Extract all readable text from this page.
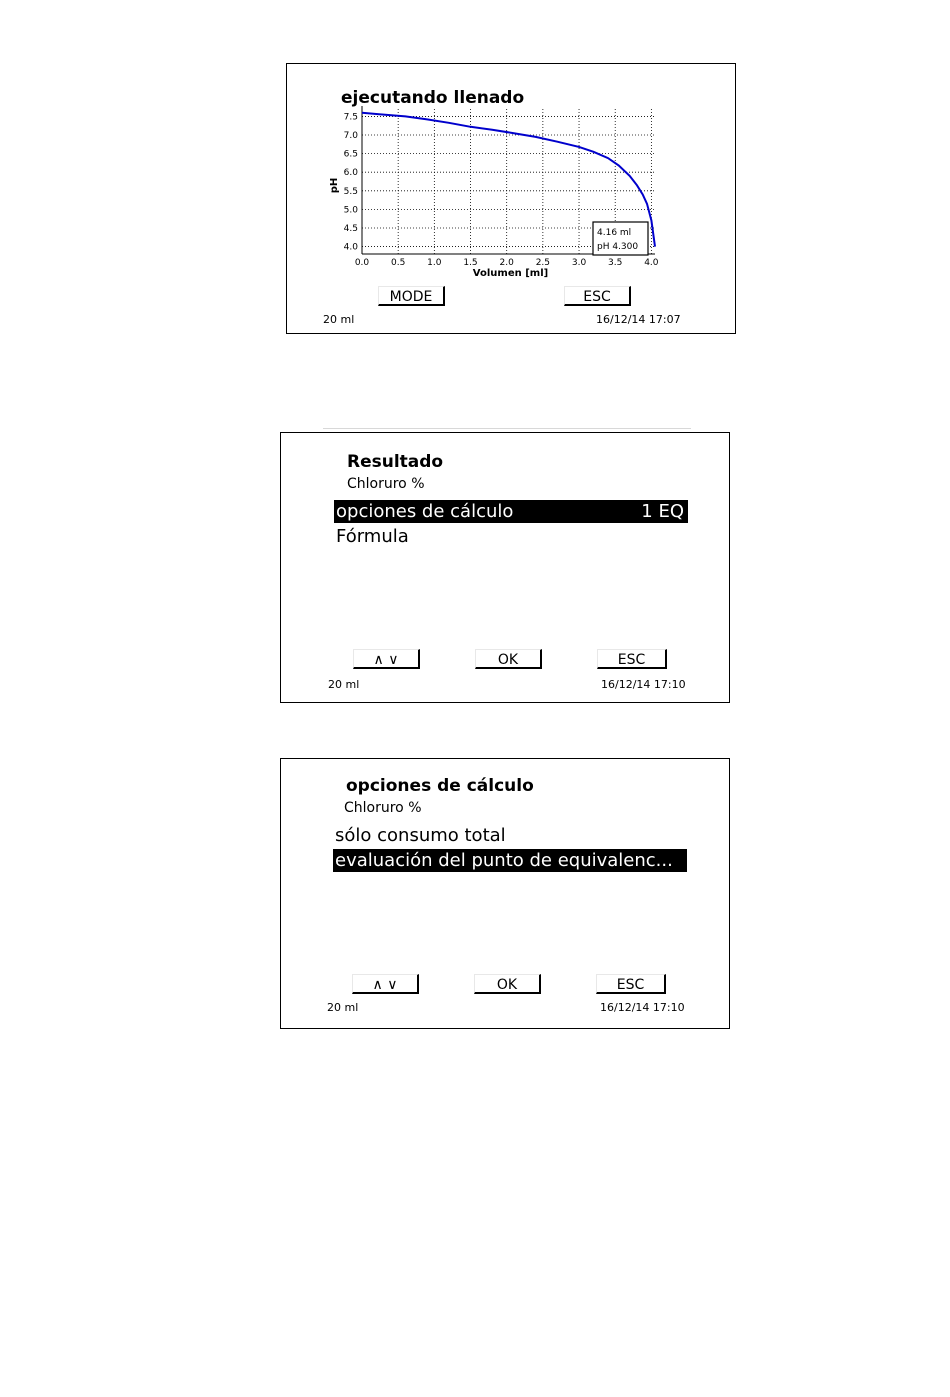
ejecutando llenado
0.0 0.5 1.0 1.5 2.0 2.5 3.0 3.5 4.0
4.0
4.5
5.0
5.5
6.0
6.5
7.0
7.5
Volumen [ml]
pH
4.16 ml
pH 4.300
MODE	ESC
20 ml	16/12/14 17:07
Resultado
Chloruro %
opciones de cálculo	1 EQ
Fórmula
∧ ∨	OK	ESC
20 ml	16/12/14 17:10
opciones de cálculo
Chloruro %
sólo consumo total
evaluación del punto de equivalenc...
∧ ∨	OK	ESC
20 ml	16/12/14 17:10
